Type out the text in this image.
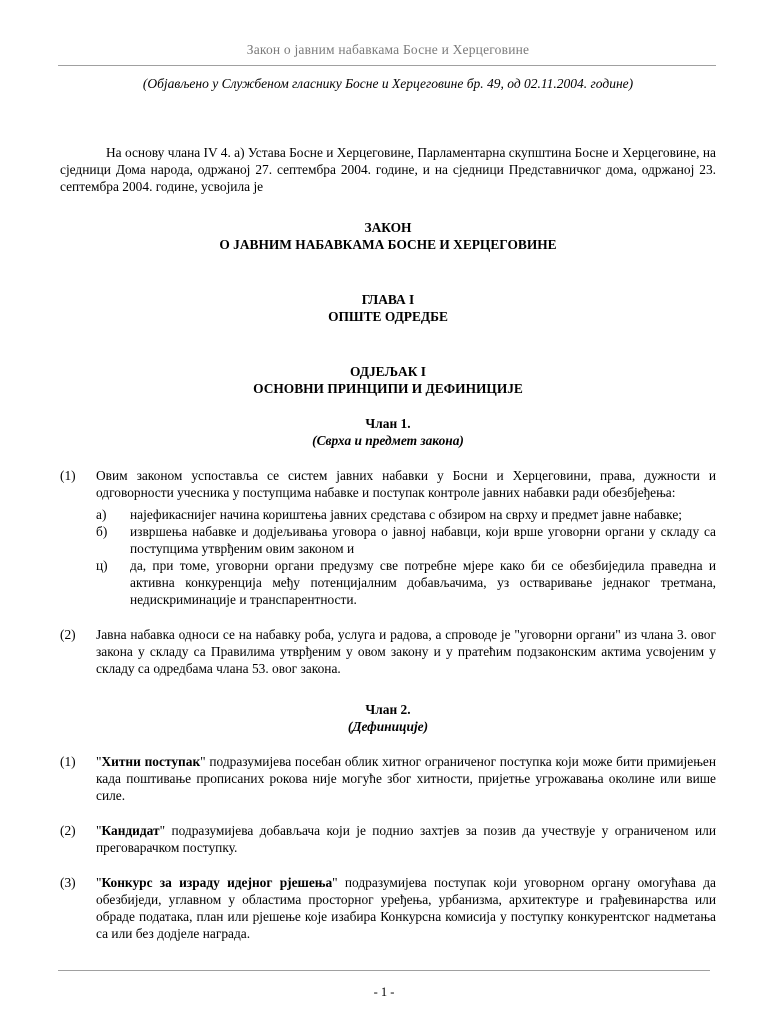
Закон о јавним набавкама Босне и Херцеговине
(Објављено у Службеном гласнику Босне и Херцеговине бр. 49, од 02.11.2004. године)

На основу члана IV 4. а) Устава Босне и Херцеговине, Парламентарна скупштина Босне и Херцеговине, на сједници Дома народа, одржаној 27. септембра 2004. године, и на сједници Представничког дома, одржаној 23. септембра 2004. године, усвојила је

ЗАКОН

О ЈАВНИМ НАБАВКАМА БОСНЕ И ХЕРЦЕГОВИНЕ

ГЛАВА I

ОПШТЕ ОДРЕДБЕ

ОДЈЕЉАК I

ОСНОВНИ ПРИНЦИПИ И ДЕФИНИЦИЈЕ

Члан 1.

(Сврха и предмет закона)

(1)	Овим законом успоставља се систем јавних набавки у Босни и Херцеговини, права, дужности и одговорности учесника у поступцима набавке и поступак контроле јавних набавки ради обезбјеђења:
а)	најефикаснијег начина кориштења јавних средстава с обзиром на сврху и предмет јавне набавке;
б)	извршења набавке и додјељивања уговора о јавној набавци, који врше уговорни органи у складу са поступцима утврђеним овим законом и
ц)	да, при томе, уговорни органи предузму све потребне мјере како би се обезбиједила праведна и активна конкуренција међу потенцијалним добављачима, уз остваривање једнаког третмана, недискриминације и транспарентности.
(2)	Јавна набавка односи се на набавку роба, услуга и радова, а спроводе је "уговорни органи" из члана 3. овог закона у складу са Правилима утврђеним у овом закону и у пратећим подзаконским актима усвојеним у складу са одредбама члана 53. овог закона.

Члан 2.

(Дефиниције)

(1)	"Хитни поступак" подразумијева посебан облик хитног ограниченог поступка који може бити примијењен када поштивање прописаних рокова није могуће због хитности, пријетње угрожавања околине или више силе.
(2)	"Кандидат" подразумијева добављача који је поднио захтјев за позив да учествује у ограниченом или преговарачком поступку.
(3)	"Конкурс за израду идејног рјешења" подразумијева поступак који уговорном органу омогућава да обезбиједи, углавном у областима просторног уређења, урбанизма, архитектуре и грађевинарства или обраде података, план или рјешење које изабира Конкурсна комисија у поступку конкурентског надметања са или без додјеле награда.
- 1 -
